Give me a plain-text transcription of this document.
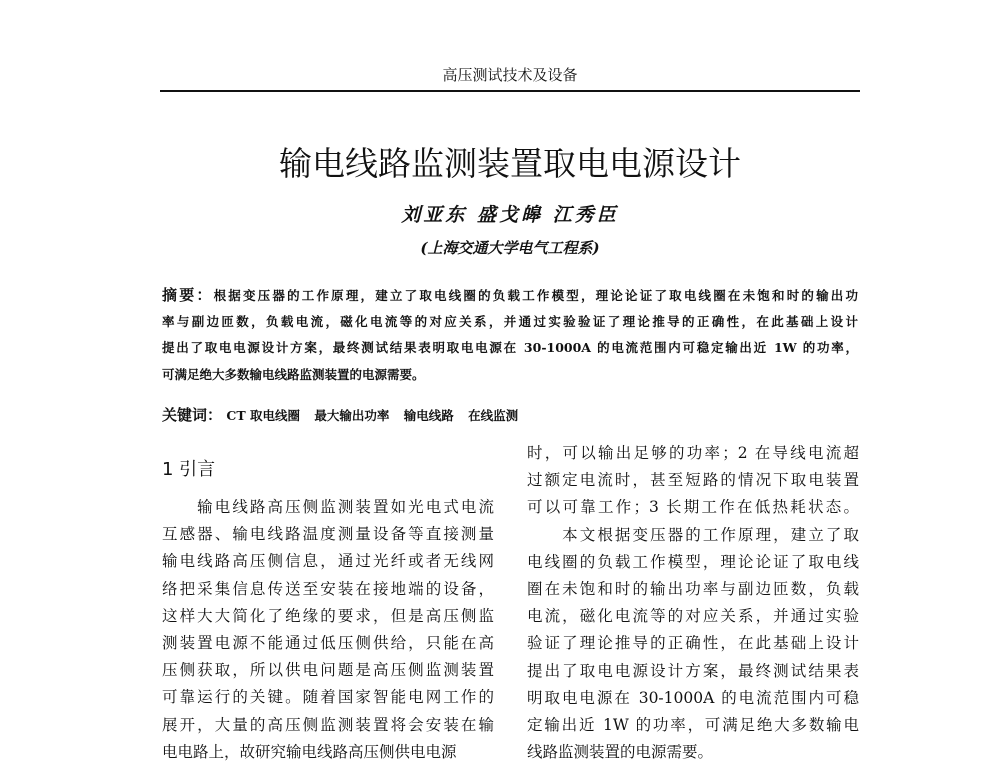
高压测试技术及设备
输电线路监测装置取电电源设计
刘亚东 盛戈皞 江秀臣
(上海交通大学电气工程系)
摘要：根据变压器的工作原理，建立了取电线圈的负载工作模型，理论论证了取电线圈在未饱和时的输出功
率与副边匝数，负载电流，磁化电流等的对应关系，并通过实验验证了理论推导的正确性，在此基础上设计
提出了取电电源设计方案，最终测试结果表明取电电源在 30-1000A 的电流范围内可稳定输出近 1W 的功率，
可满足绝大多数输电线路监测装置的电源需要。
关键词： CT 取电线圈 最大输出功率 输电线路 在线监测
1 引言
　　输电线路高压侧监测装置如光电式电流
互感器、输电线路温度测量设备等直接测量
输电线路高压侧信息，通过光纤或者无线网
络把采集信息传送至安装在接地端的设备，
这样大大简化了绝缘的要求，但是高压侧监
测装置电源不能通过低压侧供给，只能在高
压侧获取，所以供电问题是高压侧监测装置
可靠运行的关键。随着国家智能电网工作的
展开，大量的高压侧监测装置将会安装在输
电电路上，故研究输电线路高压侧供电电源
时，可以输出足够的功率；2 在导线电流超
过额定电流时，甚至短路的情况下取电装置
可以可靠工作；3 长期工作在低热耗状态。
　　本文根据变压器的工作原理，建立了取
电线圈的负载工作模型，理论论证了取电线
圈在未饱和时的输出功率与副边匝数，负载
电流，磁化电流等的对应关系，并通过实验
验证了理论推导的正确性，在此基础上设计
提出了取电电源设计方案，最终测试结果表
明取电电源在 30-1000A 的电流范围内可稳
定输出近 1W 的功率，可满足绝大多数输电
线路监测装置的电源需要。
